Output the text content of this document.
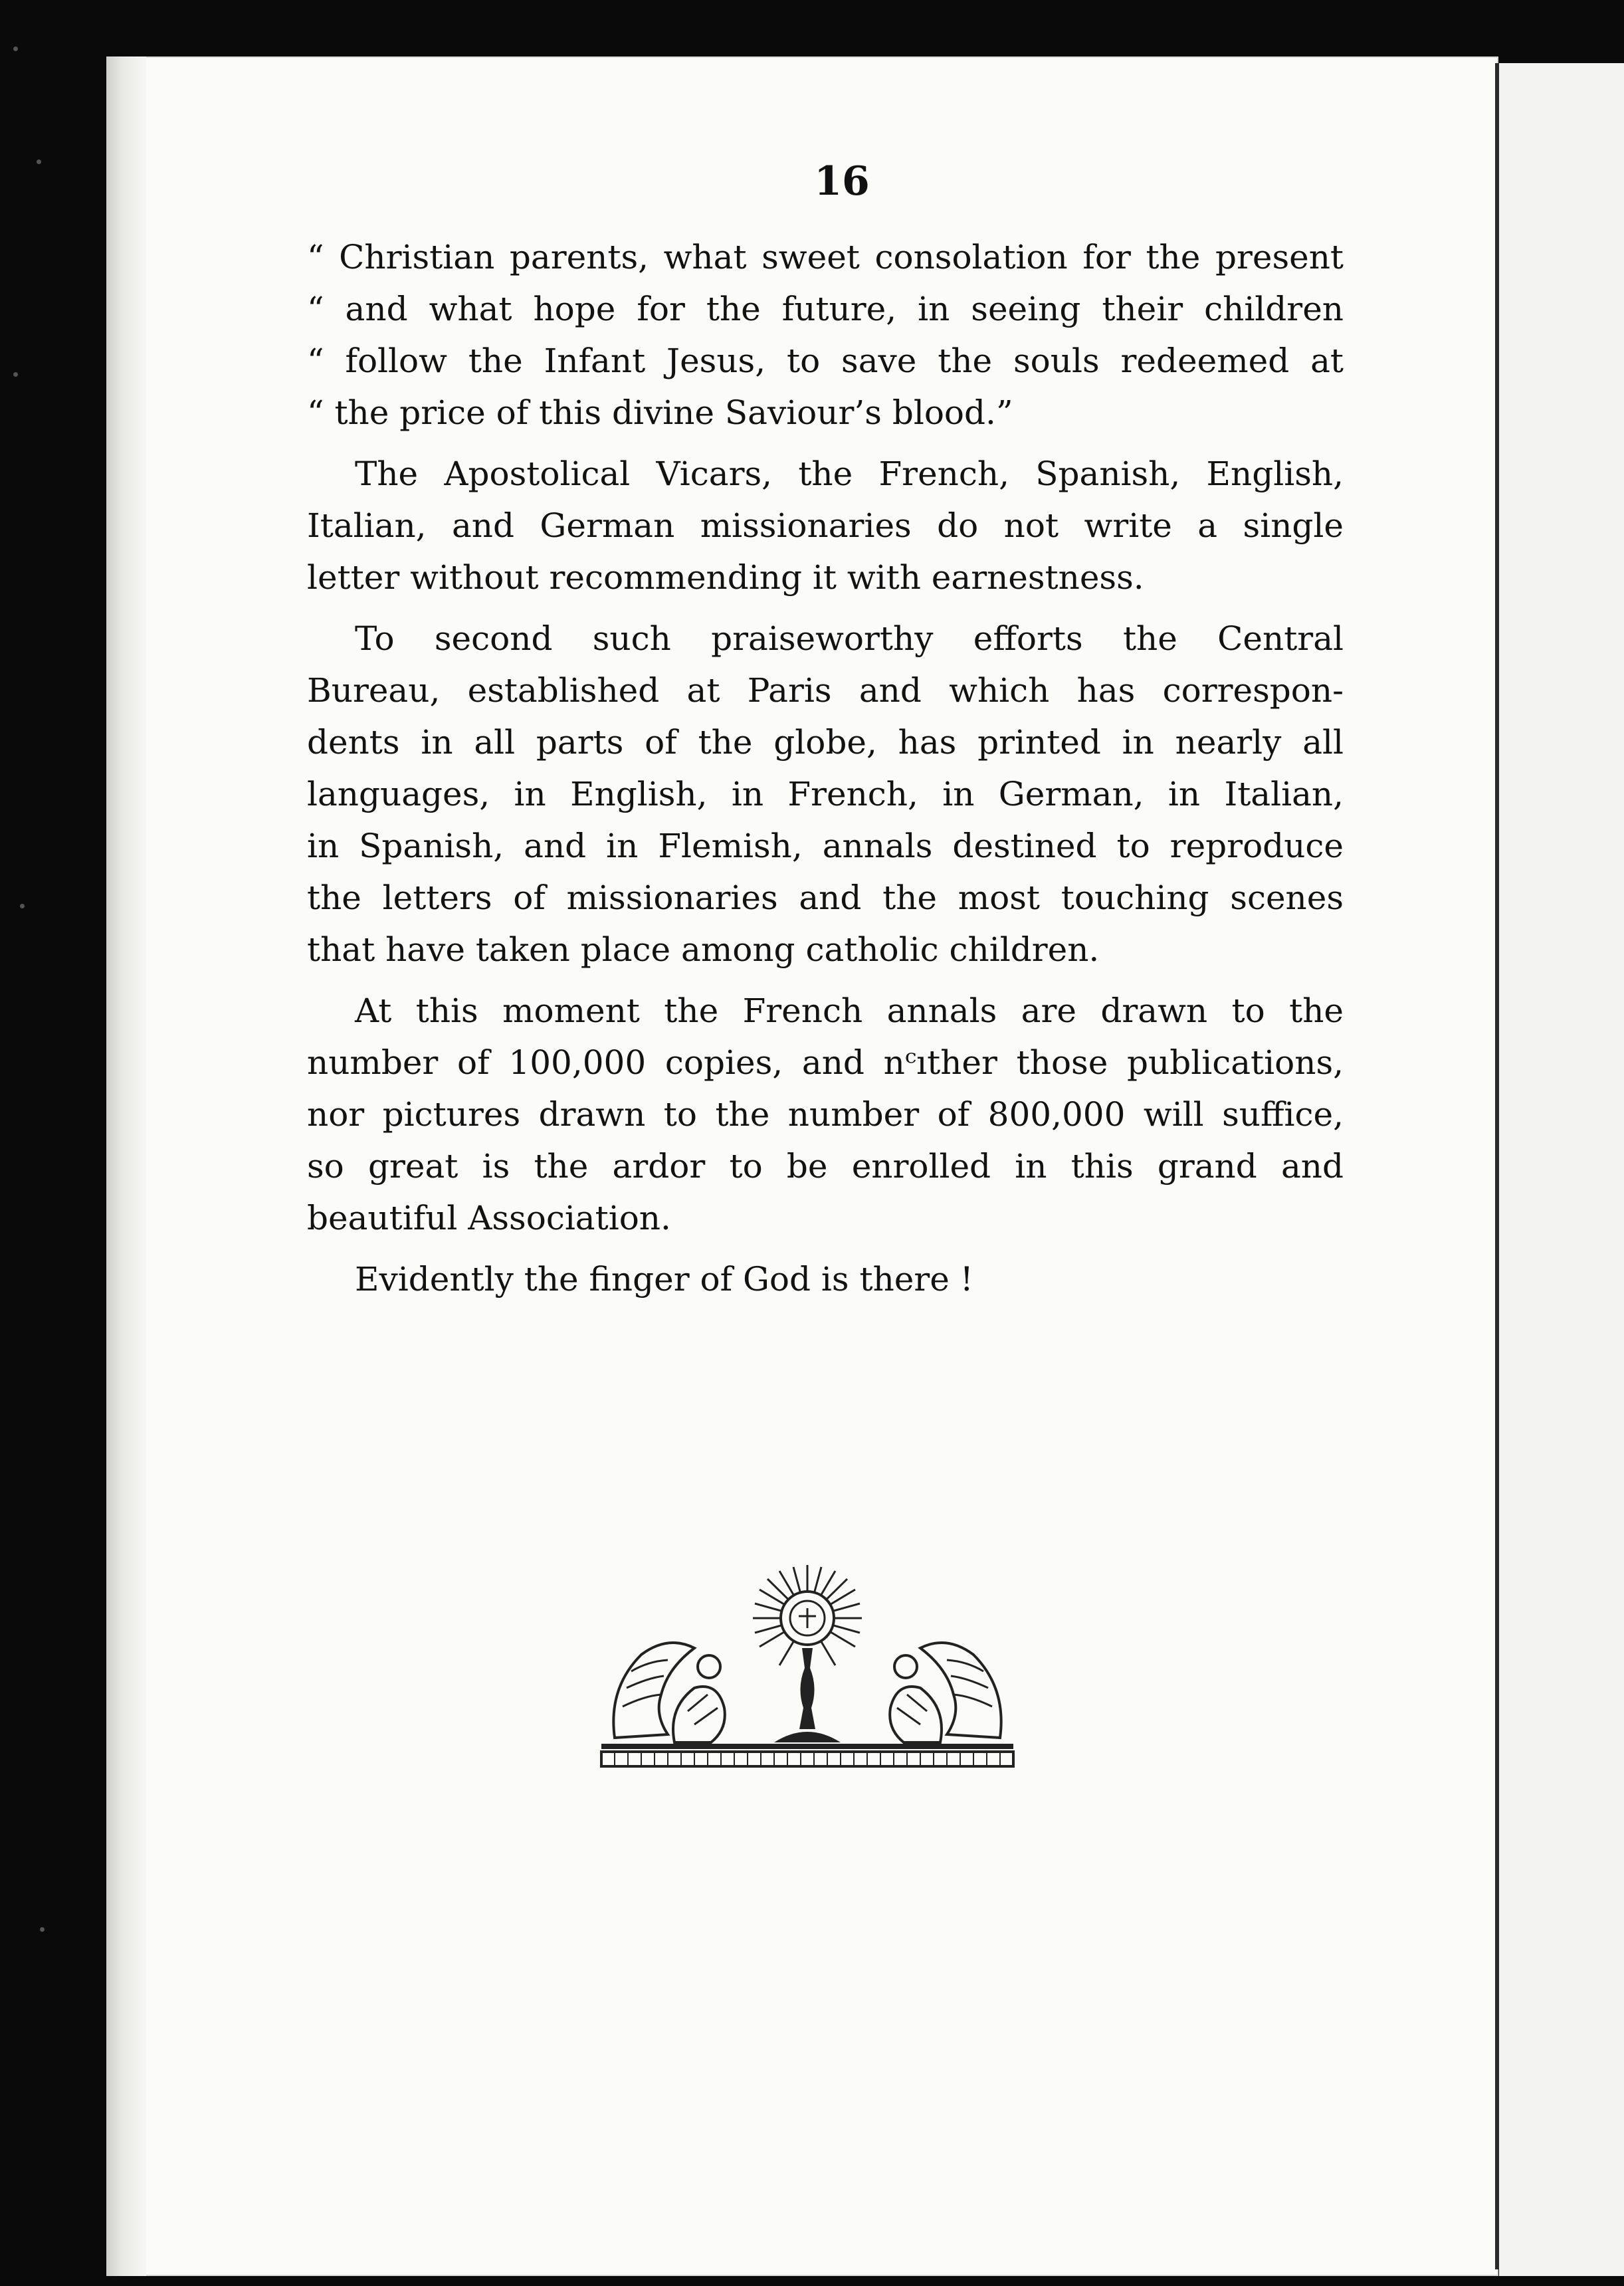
16
“ Christian parents, what sweet consolation for the present
“ and what hope for the future, in seeing their children
“ follow the Infant Jesus, to save the souls redeemed at
“ the price of this divine Saviour’s blood.”
The Apostolical Vicars, the French, Spanish, English,
Italian, and German missionaries do not write a single
letter without recommending it with earnestness.
To second such praiseworthy efforts the Central
Bureau, established at Paris and which has correspon-
dents in all parts of the globe, has printed in nearly all
languages, in English, in French, in German, in Italian,
in Spanish, and in Flemish, annals destined to reproduce
the letters of missionaries and the most touching scenes
that have taken place among catholic children.
At this moment the French annals are drawn to the
number of 100,000 copies, and nᶜıther those publications,
nor pictures drawn to the number of 800,000 will suffice,
so great is the ardor to be enrolled in this grand and
beautiful Association.
Evidently the finger of God is there !
